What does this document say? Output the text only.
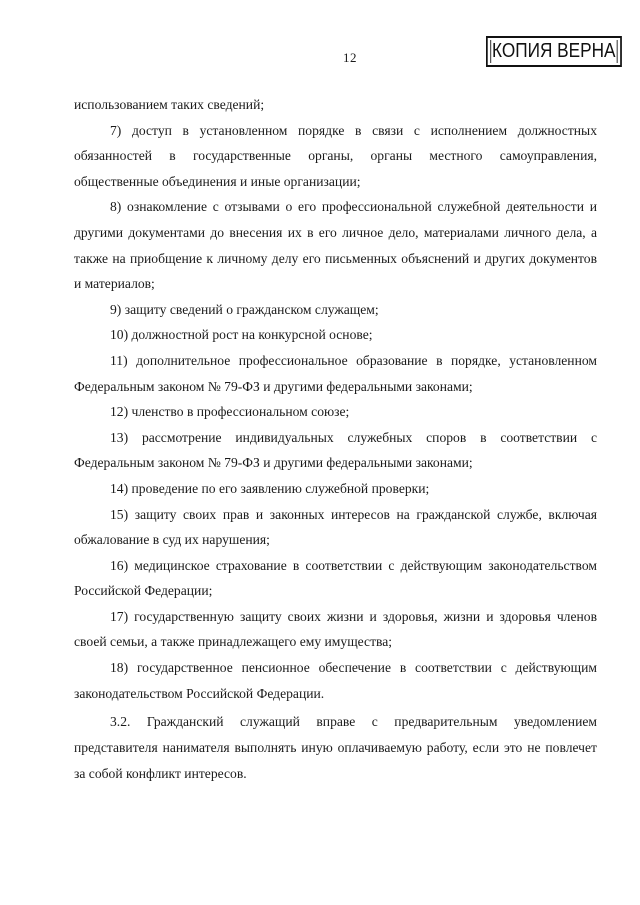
12	КОПИЯ ВЕРНА

использованием таких сведений;

7) доступ в установленном порядке в связи с исполнением должностных обязанностей в государственные органы, органы местного самоуправления, общественные объединения и иные организации;

8) ознакомление с отзывами о его профессиональной служебной деятельности и другими документами до внесения их в его личное дело, материалами личного дела, а также на приобщение к личному делу его письменных объяснений и других документов и материалов;

9) защиту сведений о гражданском служащем;

10) должностной рост на конкурсной основе;

11) дополнительное профессиональное образование в порядке, установленном Федеральным законом № 79-ФЗ и другими федеральными законами;

12) членство в профессиональном союзе;

13) рассмотрение индивидуальных служебных споров в соответствии с Федеральным законом № 79-ФЗ и другими федеральными законами;

14) проведение по его заявлению служебной проверки;

15) защиту своих прав и законных интересов на гражданской службе, включая обжалование в суд их нарушения;

16) медицинское страхование в соответствии с действующим законодательством Российской Федерации;

17) государственную защиту своих жизни и здоровья, жизни и здоровья членов своей семьи, а также принадлежащего ему имущества;

18) государственное пенсионное обеспечение в соответствии с действующим законодательством Российской Федерации.

3.2. Гражданский служащий вправе с предварительным уведомлением представителя нанимателя выполнять иную оплачиваемую работу, если это не повлечет за собой конфликт интересов.
